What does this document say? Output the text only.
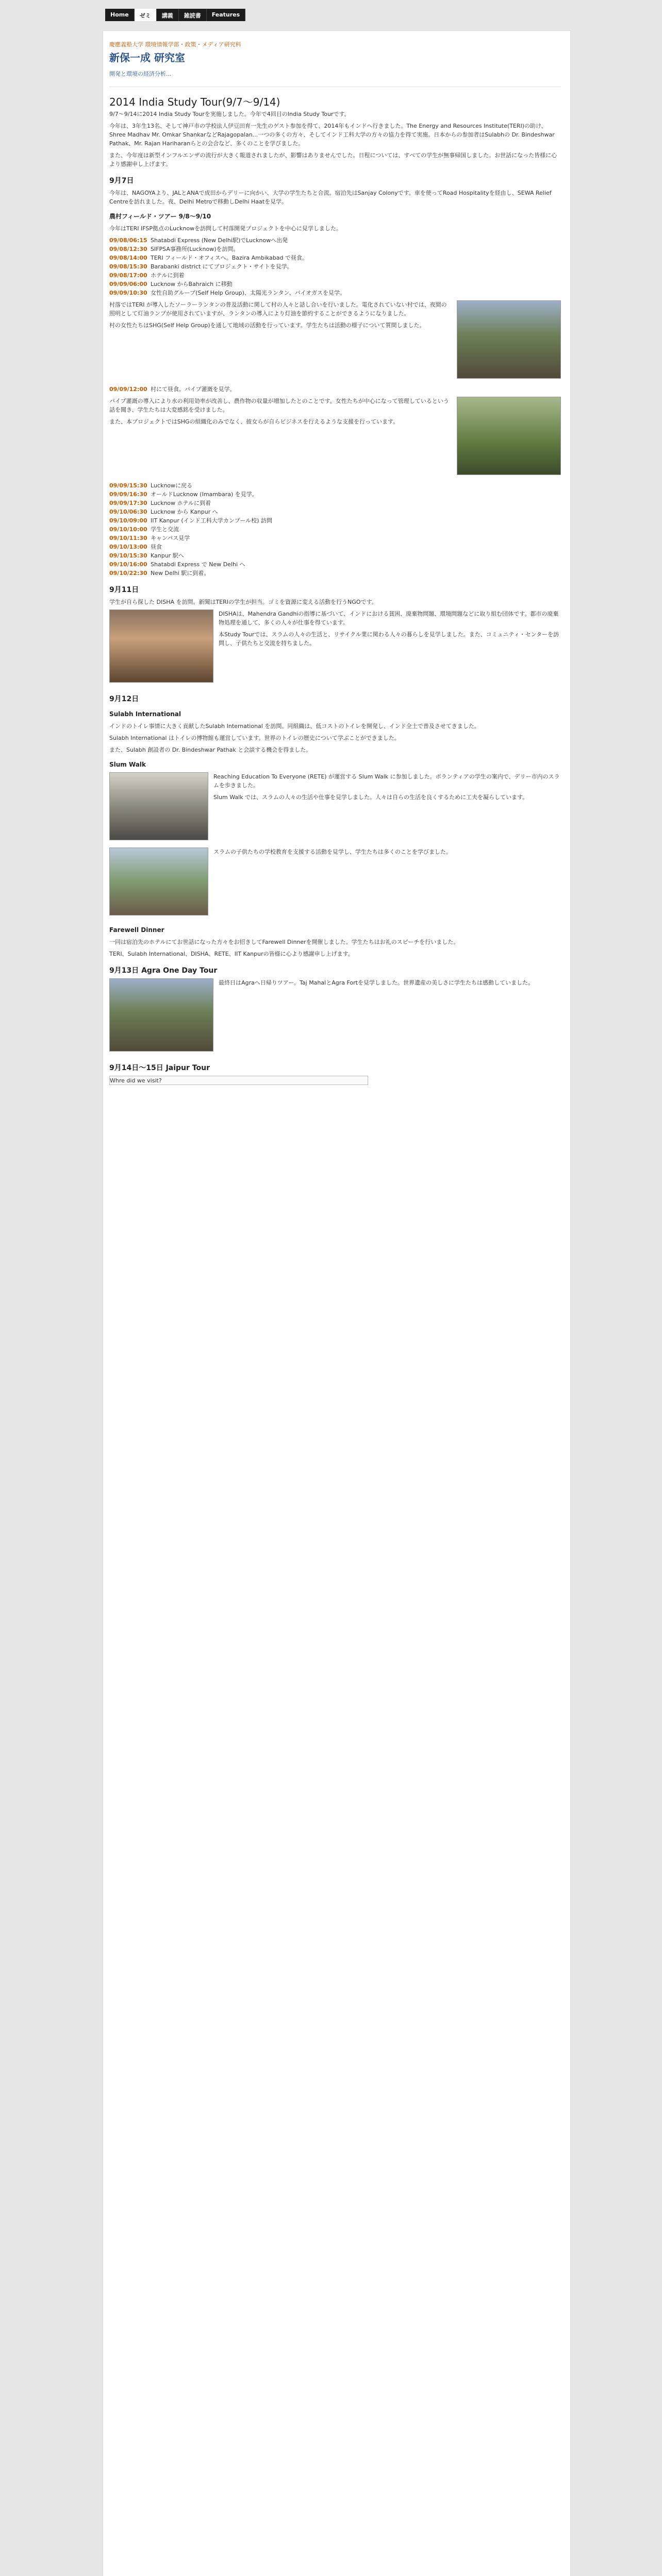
Home	ゼミ	講義	雑読書	Features
慶應義塾大学 環境情報学部・政策・メディア研究科
新保一成 研究室
開発と環境の経済分析...
2014 India Study Tour(9/7～9/14)

9/7〜9/14に2014 India Study Tourを実施しました。今年で4回目のIndia Study Tourです。

今年は、3年生13名、そして神戸市の学校法人伊豆田育一先生のゲスト参加を得て、2014年もインドへ行きました。The Energy and Resources Institute(TERI)の助け、Shree Madhav Mr. Omkar ShankarなどRajagopalan...一つの多くの方々、そしてインド工科大学の方々の協力を得て実施。日本からの参加者はSulabhの Dr. Bindeshwar Pathak、Mr. Rajan Hariharanらとの会合など、多くのことを学びました。

また、今年度は新型インフルエンザの流行が大きく報道されましたが、影響はありませんでした。日程については、すべての学生が無事帰国しました。お世話になった皆様に心より感謝申し上げます。

9月7日

今年は、NAGOYAより、JALとANAで成田からデリーに向かい、大学の学生たちと合流。宿泊先はSanjay Colonyです。車を使ってRoad Hospitalityを経由し、SEWA Relief Centreを訪れました。夜、Delhi Metroで移動しDelhi Haatを見学。

農村フィールド・ツアー 9/8〜9/10

今年はTERI IFSP拠点のLucknowを訪問して村落開発プロジェクトを中心に見学しました。

09/08/06:15 Shatabdi Express (New Delhi駅)でLucknowへ出発
09/08/12:30 SIFPSA事務所(Lucknow)を訪問。
09/08/14:00 TERI フィールド・オフィスへ。Bazira Ambikabad で昼食。
09/08/15:30 Barabanki district にてプロジェクト・サイトを見学。
09/08/17:00 ホテルに到着
09/09/06:00 Lucknow からBahraich に移動
09/09/10:30 女性自助グループ(Self Help Group)、太陽光ランタン、バイオガスを見学。

村落ではTERI が導入したソーラーランタンの普及活動に関して村の人々と話し合いを行いました。電化されていない村では、夜間の照明として灯油ランプが使用されていますが、ランタンの導入により灯油を節約することができるようになりました。

村の女性たちはSHG(Self Help Group)を通して地域の活動を行っています。学生たちは活動の様子について質問しました。

09/09/12:00 村にて昼食。パイプ灌漑を見学。

パイプ灌漑の導入により水の利用効率が改善し、農作物の収量が増加したとのことです。女性たちが中心になって管理しているという話を聞き、学生たちは大変感銘を受けました。

また、本プロジェクトではSHGの組織化のみでなく、彼女らが自らビジネスを行えるような支援を行っています。

09/09/15:30 Lucknowに戻る
09/09/16:30 オールドLucknow (Imambara) を見学。
09/09/17:30 Lucknow ホテルに到着
09/10/06:30 Lucknow から Kanpur へ
09/10/09:00 IIT Kanpur (インド工科大学カンプール校) 訪問
09/10/10:00 学生と交流
09/10/11:30 キャンパス見学
09/10/13:00 昼食
09/10/15:30 Kanpur 駅へ
09/10/16:00 Shatabdi Express で New Delhi へ
09/10/22:30 New Delhi 駅に到着。
9月11日

学生が自ら探した DISHA を訪問。新聞はTERIの学生が担当。ゴミを資源に変える活動を行うNGOです。

DISHAは、Mahendra Gandhiの指導に基づいて、インドにおける貧困、廃棄物問題、環境問題などに取り組む団体です。都市の廃棄物処理を通して、多くの人々が仕事を得ています。

本Study Tourでは、スラムの人々の生活と、リサイクル業に関わる人々の暮らしを見学しました。また、コミュニティ・センターを訪問し、子供たちと交流を持ちました。

9月12日
Sulabh International

インドのトイレ事情に大きく貢献したSulabh International を訪問。同組織は、低コストのトイレを開発し、インド全土で普及させてきました。

Sulabh International はトイレの博物館も運営しています。世界のトイレの歴史について学ぶことができました。

また、Sulabh 創設者の Dr. Bindeshwar Pathak と会談する機会を得ました。

Slum Walk

Reaching Education To Everyone (RETE) が運営する Slum Walk に参加しました。ボランティアの学生の案内で、デリー市内のスラムを歩きました。

Slum Walk では、スラムの人々の生活や仕事を見学しました。人々は自らの生活を良くするために工夫を凝らしています。

スラムの子供たちの学校教育を支援する活動を見学し、学生たちは多くのことを学びました。

Farewell Dinner

一同は宿泊先のホテルにてお世話になった方々をお招きしてFarewell Dinnerを開催しました。学生たちはお礼のスピーチを行いました。

TERI、Sulabh International、DISHA、RETE、IIT Kanpurの皆様に心より感謝申し上げます。

9月13日 Agra One Day Tour

最終日はAgraへ日帰りツアー。Taj MahalとAgra Fortを見学しました。世界遺産の美しさに学生たちは感動していました。

9月14日〜15日 Jaipur Tour
Whre did we visit?
